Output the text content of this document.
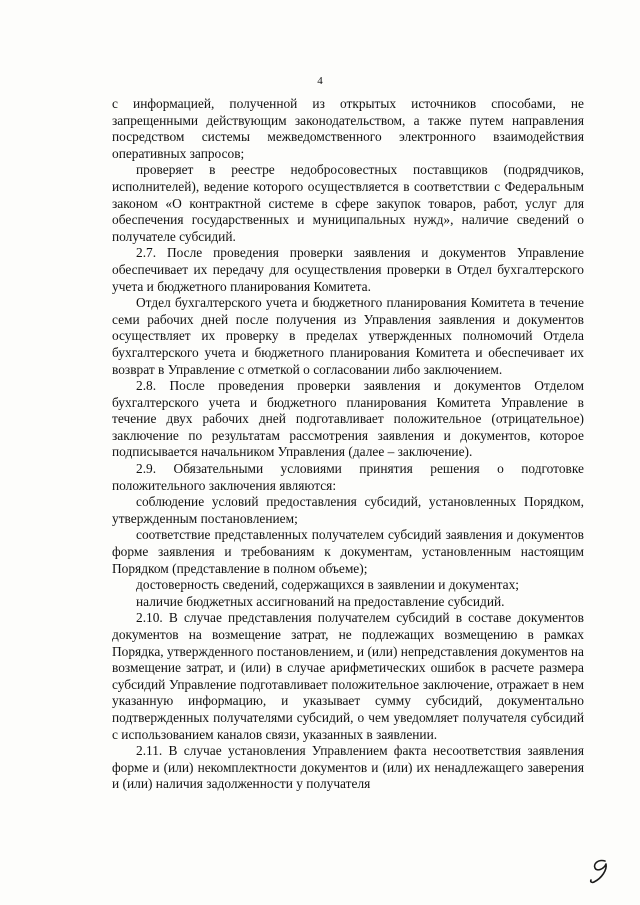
4

с информацией, полученной из открытых источников способами, не запрещенными действующим законодательством, а также путем направления посредством системы межведомственного электронного взаимодействия оперативных запросов;

проверяет в реестре недобросовестных поставщиков (подрядчиков, исполнителей), ведение которого осуществляется в соответствии с Федеральным законом «О контрактной системе в сфере закупок товаров, работ, услуг для обеспечения государственных и муниципальных нужд», наличие сведений о получателе субсидий.

2.7. После проведения проверки заявления и документов Управление обеспечивает их передачу для осуществления проверки в Отдел бухгалтерского учета и бюджетного планирования Комитета.

Отдел бухгалтерского учета и бюджетного планирования Комитета в течение семи рабочих дней после получения из Управления заявления и документов осуществляет их проверку в пределах утвержденных полномочий Отдела бухгалтерского учета и бюджетного планирования Комитета и обеспечивает их возврат в Управление с отметкой о согласовании либо заключением.

2.8. После проведения проверки заявления и документов Отделом бухгалтерского учета и бюджетного планирования Комитета Управление в течение двух рабочих дней подготавливает положительное (отрицательное) заключение по результатам рассмотрения заявления и документов, которое подписывается начальником Управления (далее – заключение).

2.9. Обязательными условиями принятия решения о подготовке положительного заключения являются:

соблюдение условий предоставления субсидий, установленных Порядком, утвержденным постановлением;

соответствие представленных получателем субсидий заявления и документов форме заявления и требованиям к документам, установленным настоящим Порядком (представление в полном объеме);

достоверность сведений, содержащихся в заявлении и документах;

наличие бюджетных ассигнований на предоставление субсидий.

2.10. В случае представления получателем субсидий в составе документов документов на возмещение затрат, не подлежащих возмещению в рамках Порядка, утвержденного постановлением, и (или) непредставления документов на возмещение затрат, и (или) в случае арифметических ошибок в расчете размера субсидий Управление подготавливает положительное заключение, отражает в нем указанную информацию, и указывает сумму субсидий, документально подтвержденных получателями субсидий, о чем уведомляет получателя субсидий с использованием каналов связи, указанных в заявлении.

2.11. В случае установления Управлением факта несоответствия заявления форме и (или) некомплектности документов и (или) их ненадлежащего заверения и (или) наличия задолженности у получателя
